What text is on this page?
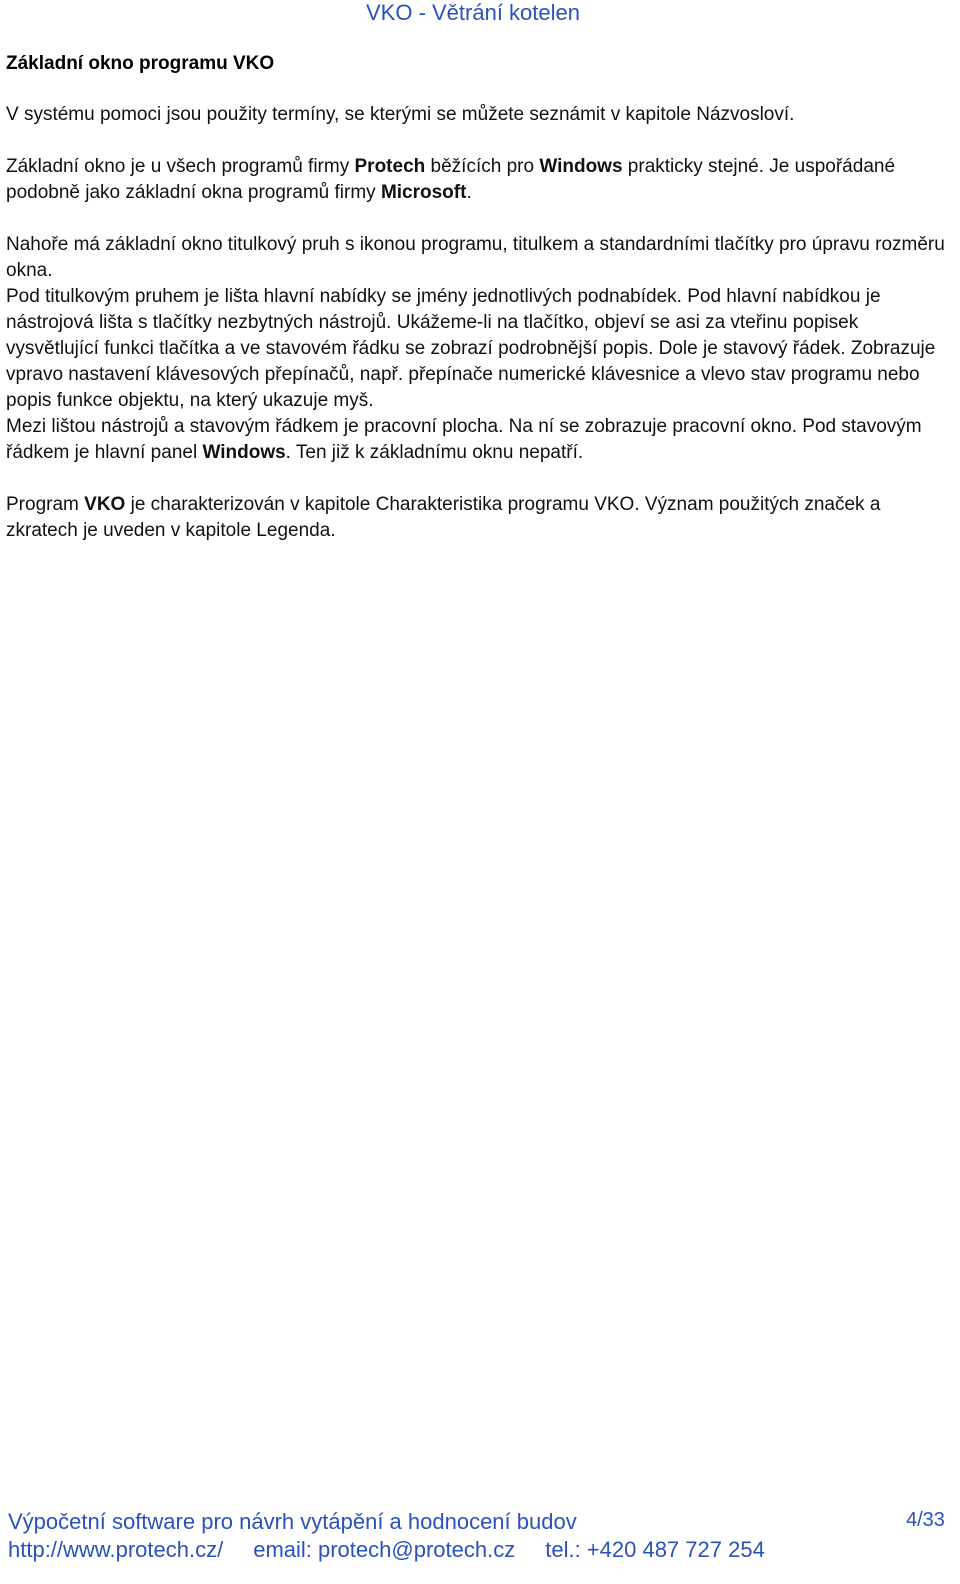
VKO - Větrání kotelen
Základní okno programu VKO

V systému pomoci jsou použity termíny, se kterými se můžete seznámit v kapitole Názvosloví.

Základní okno je u všech programů firmy Protech běžících pro Windows prakticky stejné. Je uspořádané podobně jako základní okna programů firmy Microsoft.

Nahoře má základní okno titulkový pruh s ikonou programu, titulkem a standardními tlačítky pro úpravu rozměru okna.

Pod titulkovým pruhem je lišta hlavní nabídky se jmény jednotlivých podnabídek. Pod hlavní nabídkou je nástrojová lišta s tlačítky nezbytných nástrojů. Ukážeme-li na tlačítko, objeví se asi za vteřinu popisek vysvětlující funkci tlačítka a ve stavovém řádku se zobrazí podrobnější popis. Dole je stavový řádek. Zobrazuje vpravo nastavení klávesových přepínačů, např. přepínače numerické klávesnice a vlevo stav programu nebo popis funkce objektu, na který ukazuje myš.

Mezi lištou nástrojů a stavovým řádkem je pracovní plocha. Na ní se zobrazuje pracovní okno. Pod stavovým řádkem je hlavní panel Windows. Ten již k základnímu oknu nepatří.

Program VKO je charakterizován v kapitole Charakteristika programu VKO. Význam použitých značek a zkratech je uveden v kapitole Legenda.

Výpočetní software pro návrh vytápění a hodnocení budov	4/33
http://www.protech.cz/ email: protech@protech.cz tel.: +420 487 727 254
